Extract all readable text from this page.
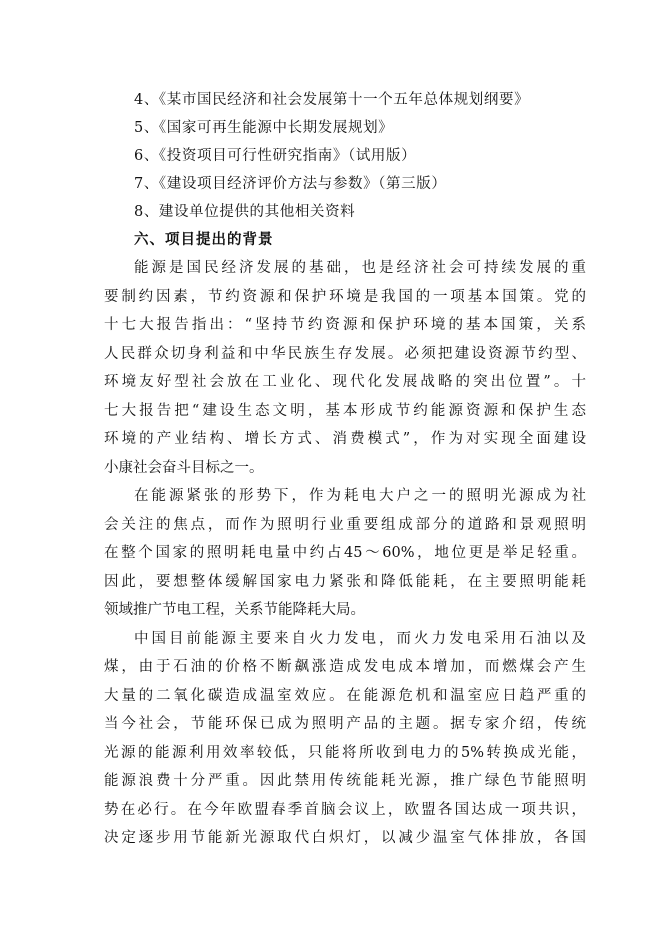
4、《某市国民经济和社会发展第十一个五年总体规划纲要》
5、《国家可再生能源中长期发展规划》
6、《投资项目可行性研究指南》（试用版）
7、《建设项目经济评价方法与参数》（第三版）
8、建设单位提供的其他相关资料
六、项目提出的背景
能源是国民经济发展的基础，也是经济社会可持续发展的重
要制约因素，节约资源和保护环境是我国的一项基本国策。党的
十七大报告指出：“坚持节约资源和保护环境的基本国策，关系
人民群众切身利益和中华民族生存发展。必须把建设资源节约型、
环境友好型社会放在工业化、现代化发展战略的突出位置”。十
七大报告把“建设生态文明，基本形成节约能源资源和保护生态
环境的产业结构、增长方式、消费模式”，作为对实现全面建设
小康社会奋斗目标之一。
在能源紧张的形势下，作为耗电大户之一的照明光源成为社
会关注的焦点，而作为照明行业重要组成部分的道路和景观照明
在整个国家的照明耗电量中约占45～60%，地位更是举足轻重。
因此，要想整体缓解国家电力紧张和降低能耗，在主要照明能耗
领域推广节电工程，关系节能降耗大局。
中国目前能源主要来自火力发电，而火力发电采用石油以及
煤，由于石油的价格不断飙涨造成发电成本增加，而燃煤会产生
大量的二氧化碳造成温室效应。在能源危机和温室应日趋严重的
当今社会，节能环保已成为照明产品的主题。据专家介绍，传统
光源的能源利用效率较低，只能将所收到电力的5%转换成光能，
能源浪费十分严重。因此禁用传统能耗光源，推广绿色节能照明
势在必行。在今年欧盟春季首脑会议上，欧盟各国达成一项共识，
决定逐步用节能新光源取代白炽灯，以减少温室气体排放，各国
